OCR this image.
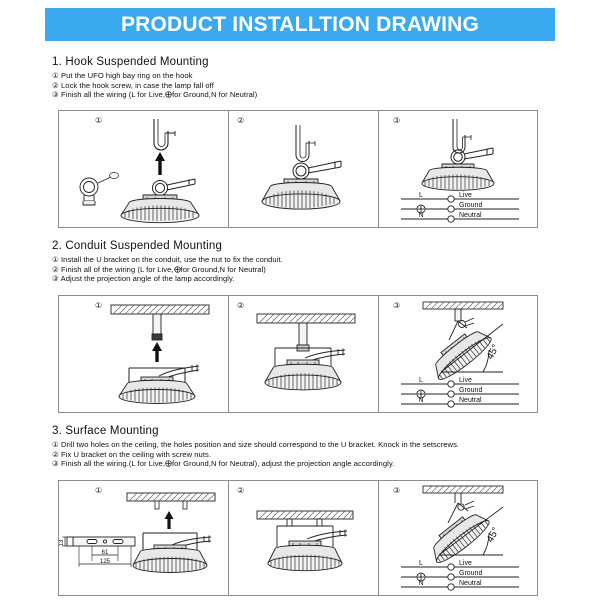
PRODUCT INSTALLTION DRAWING
1. Hook Suspended Mounting
① Put the UFO high bay ring on the hook
② Lock the hook screw, in case the lamp fall off
③ Finish all the wiring (L for Live, for Ground,N for Neutral)
①	②	③
L
N
Live
Ground
Neutral
2. Conduit Suspended Mounting
① Install the U bracket on the conduit, use the nut to fix the conduit.
② Finish all of the wiring (L for Live, for Ground,N for Neutral)
③ Adjust the projection angle of the lamp accordingly.
①	②	③
45°
L
N
Live
Ground
Neutral
3. Surface Mounting
① Drill two holes on the ceiling, the holes position and size should correspond to the U bracket. Knock in the setscrews.
② Fix U bracket on the ceiling with screw nuts.
③ Finish all the wiring.(L for Live, for Ground,N for Neutral), adjust the projection angle accordingly.
①
13
61
125
②	③
45°
L
N
Live
Ground
Neutral
